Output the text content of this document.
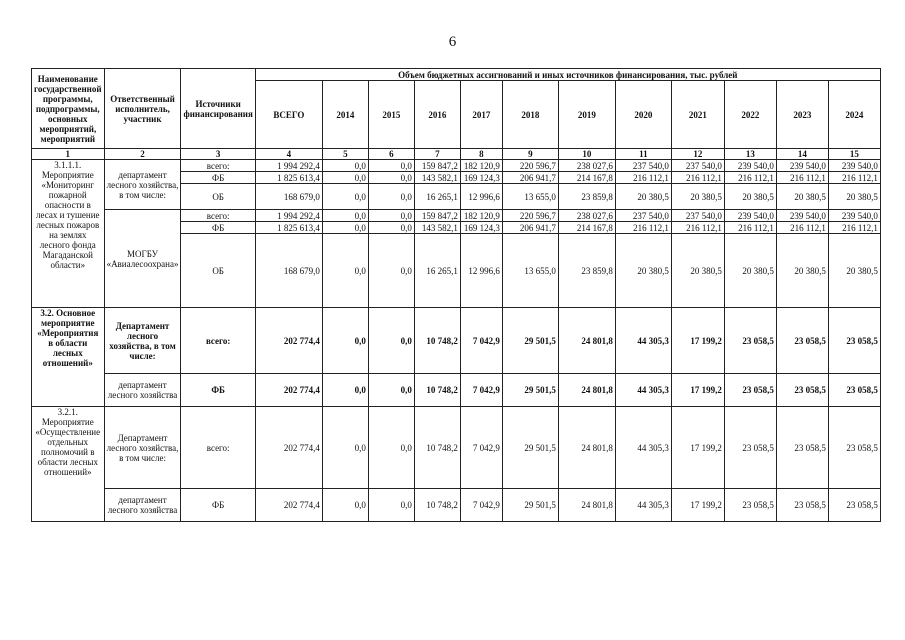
6
Наименование государственной программы, подпрограммы, основных мероприятий, мероприятий	Ответственный исполнитель, участник	Источники финансирования	Объем бюджетных ассигнований и иных источников финансирования, тыс. рублей											
			ВСЕГО	2014	2015	2016	2017	2018	2019	2020	2021	2022	2023	2024
1	2	3	4	5	6	7	8	9	10	11	12	13	14	15
3.1.1.1. Мероприятие «Мониторинг пожарной опасности в лесах и тушение лесных пожаров на землях лесного фонда Магаданской области»	департамент лесного хозяйства, в том числе:	всего:	1 994 292,4	0,0	0,0	159 847,2	182 120,9	220 596,7	238 027,6	237 540,0	237 540,0	239 540,0	239 540,0	239 540,0
		ФБ	1 825 613,4	0,0	0,0	143 582,1	169 124,3	206 941,7	214 167,8	216 112,1	216 112,1	216 112,1	216 112,1	216 112,1
		ОБ	168 679,0	0,0	0,0	16 265,1	12 996,6	13 655,0	23 859,8	20 380,5	20 380,5	20 380,5	20 380,5	20 380,5
	МОГБУ «Авиалесоохрана»	всего:	1 994 292,4	0,0	0,0	159 847,2	182 120,9	220 596,7	238 027,6	237 540,0	237 540,0	239 540,0	239 540,0	239 540,0
		ФБ	1 825 613,4	0,0	0,0	143 582,1	169 124,3	206 941,7	214 167,8	216 112,1	216 112,1	216 112,1	216 112,1	216 112,1
		ОБ	168 679,0	0,0	0,0	16 265,1	12 996,6	13 655,0	23 859,8	20 380,5	20 380,5	20 380,5	20 380,5	20 380,5
3.2. Основное мероприятие «Мероприятия в области лесных отношений»	Департамент лесного хозяйства, в том числе:	всего:	202 774,4	0,0	0,0	10 748,2	7 042,9	29 501,5	24 801,8	44 305,3	17 199,2	23 058,5	23 058,5	23 058,5
	департамент лесного хозяйства	ФБ	202 774,4	0,0	0,0	10 748,2	7 042,9	29 501,5	24 801,8	44 305,3	17 199,2	23 058,5	23 058,5	23 058,5
3.2.1. Мероприятие «Осуществление отдельных полномочий в области лесных отношений»	Департамент лесного хозяйства, в том числе:	всего:	202 774,4	0,0	0,0	10 748,2	7 042,9	29 501,5	24 801,8	44 305,3	17 199,2	23 058,5	23 058,5	23 058,5
	департамент лесного хозяйства	ФБ	202 774,4	0,0	0,0	10 748,2	7 042,9	29 501,5	24 801,8	44 305,3	17 199,2	23 058,5	23 058,5	23 058,5
